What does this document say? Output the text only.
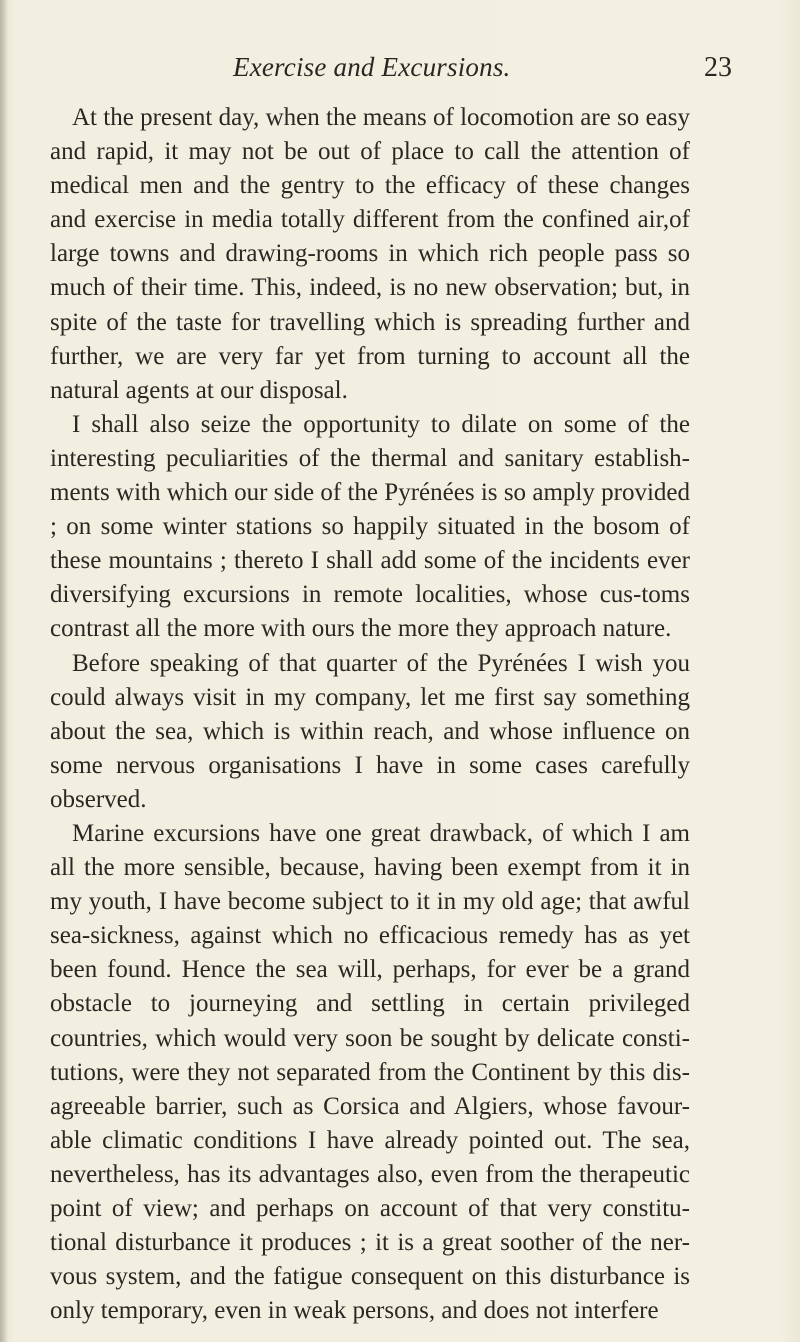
Exercise and Excursions.	23

At the present day, when the means of locomotion are so easy and rapid, it may not be out of place to call the attention of medical men and the gentry to the efficacy of these changes and exercise in media totally different from the confined air,of large towns and drawing-rooms in which rich people pass so much of their time. This, indeed, is no new observation; but, in spite of the taste for travelling which is spreading further and further, we are very far yet from turning to account all the natural agents at our disposal.

I shall also seize the opportunity to dilate on some of the interesting peculiarities of the thermal and sanitary establish-ments with which our side of the Pyrénées is so amply provided ; on some winter stations so happily situated in the bosom of these mountains ; thereto I shall add some of the incidents ever diversifying excursions in remote localities, whose cus-toms contrast all the more with ours the more they approach nature.

Before speaking of that quarter of the Pyrénées I wish you could always visit in my company, let me first say something about the sea, which is within reach, and whose influence on some nervous organisations I have in some cases carefully observed.

Marine excursions have one great drawback, of which I am all the more sensible, because, having been exempt from it in my youth, I have become subject to it in my old age; that awful sea-sickness, against which no efficacious remedy has as yet been found. Hence the sea will, perhaps, for ever be a grand obstacle to journeying and settling in certain privileged countries, which would very soon be sought by delicate consti-tutions, were they not separated from the Continent by this dis-agreeable barrier, such as Corsica and Algiers, whose favour-able climatic conditions I have already pointed out. The sea, nevertheless, has its advantages also, even from the therapeutic point of view; and perhaps on account of that very constitu-tional disturbance it produces ; it is a great soother of the ner-vous system, and the fatigue consequent on this disturbance is only temporary, even in weak persons, and does not interfere
